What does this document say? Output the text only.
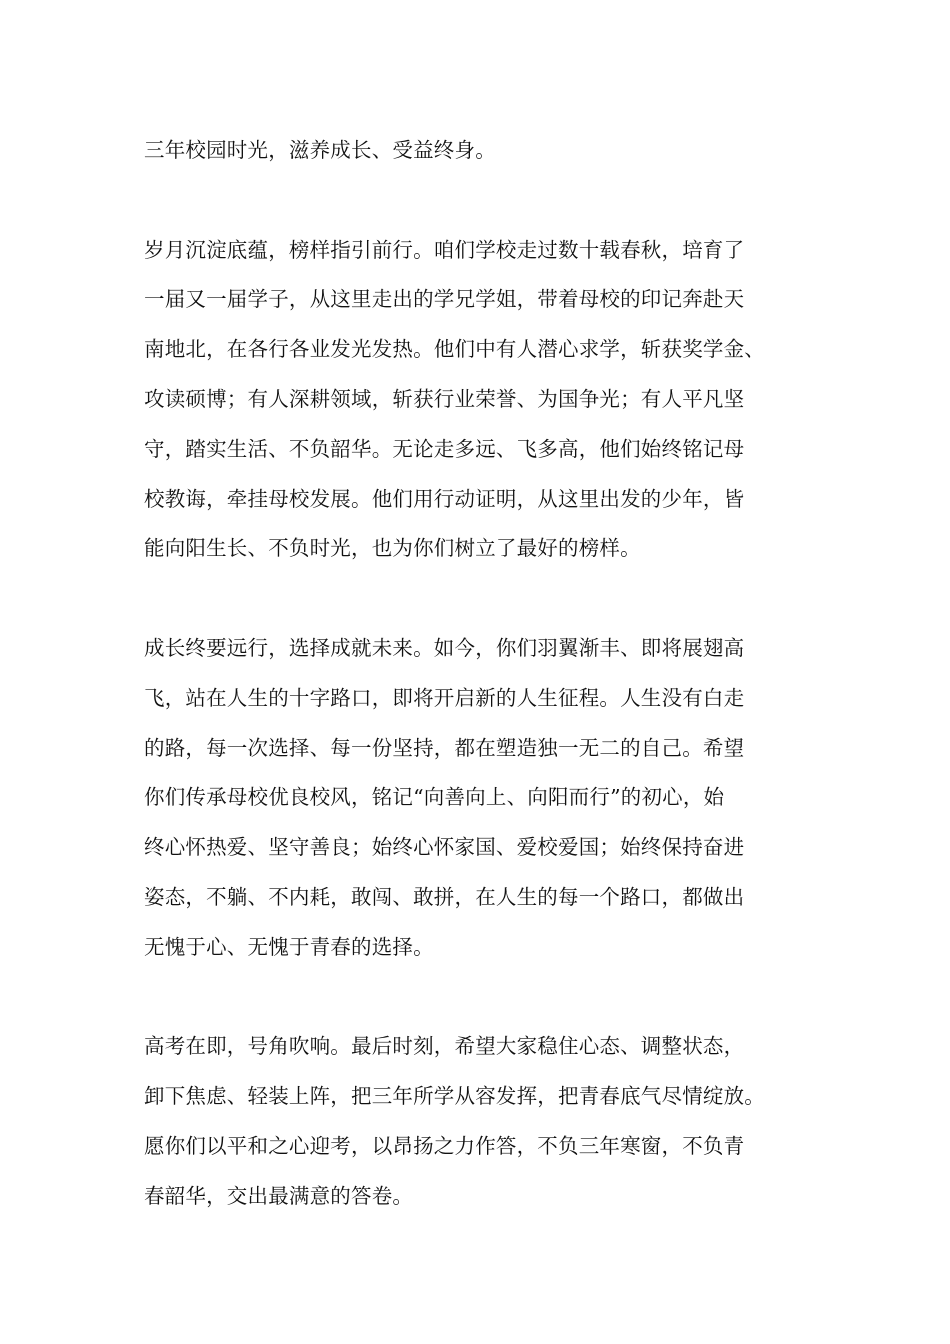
三年校园时光，滋养成长、受益终身。

岁月沉淀底蕴，榜样指引前行。咱们学校走过数十载春秋，培育了
一届又一届学子，从这里走出的学兄学姐，带着母校的印记奔赴天
南地北，在各行各业发光发热。他们中有人潜心求学，斩获奖学金、
攻读硕博；有人深耕领域，斩获行业荣誉、为国争光；有人平凡坚
守，踏实生活、不负韶华。无论走多远、飞多高，他们始终铭记母
校教诲，牵挂母校发展。他们用行动证明，从这里出发的少年，皆
能向阳生长、不负时光，也为你们树立了最好的榜样。

成长终要远行，选择成就未来。如今，你们羽翼渐丰、即将展翅高
飞，站在人生的十字路口，即将开启新的人生征程。人生没有白走
的路，每一次选择、每一份坚持，都在塑造独一无二的自己。希望
你们传承母校优良校风，铭记“向善向上、向阳而行”的初心，始
终心怀热爱、坚守善良；始终心怀家国、爱校爱国；始终保持奋进
姿态，不躺、不内耗，敢闯、敢拼，在人生的每一个路口，都做出
无愧于心、无愧于青春的选择。

高考在即，号角吹响。最后时刻，希望大家稳住心态、调整状态，
卸下焦虑、轻装上阵，把三年所学从容发挥，把青春底气尽情绽放。
愿你们以平和之心迎考，以昂扬之力作答，不负三年寒窗，不负青
春韶华，交出最满意的答卷。
